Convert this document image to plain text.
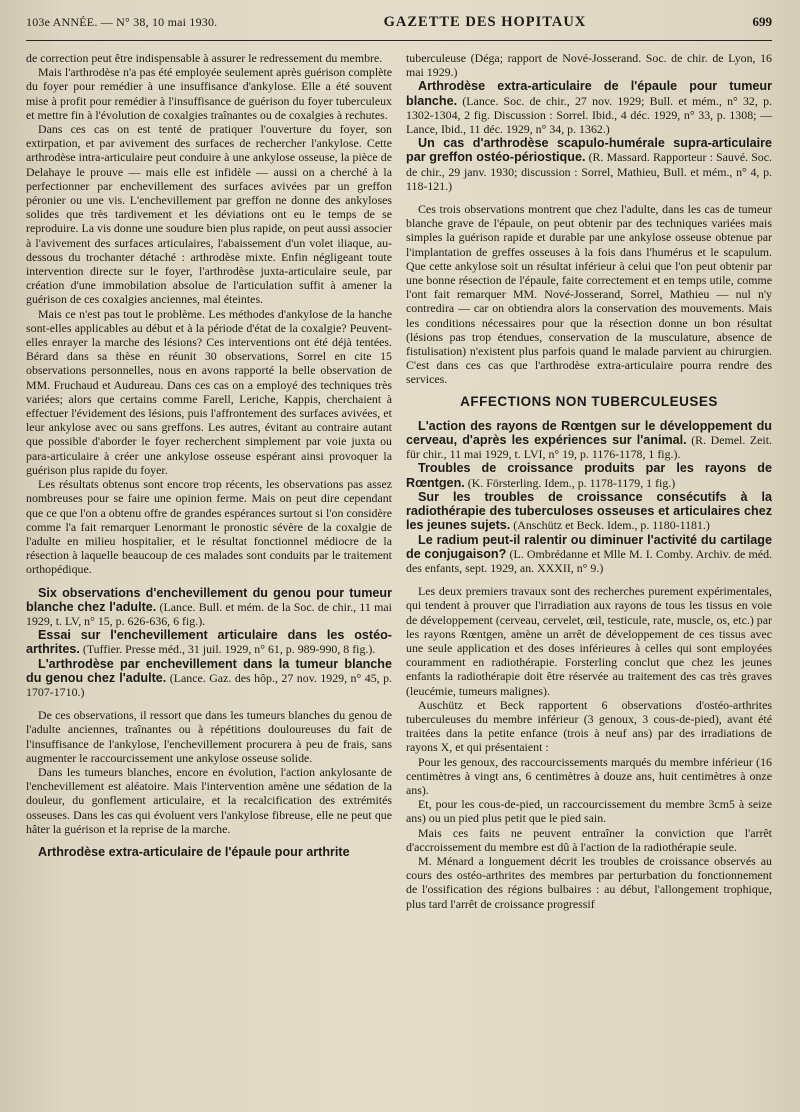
103e ANNÉE. — N° 38, 10 mai 1930.	GAZETTE DES HOPITAUX	699

de correction peut être indispensable à assurer le redressement du membre.

Mais l'arthrodèse n'a pas été employée seulement après guérison complète du foyer pour remédier à une insuffisance d'ankylose. Elle a été souvent mise à profit pour remédier à l'insuffisance de guérison du foyer tuberculeux et mettre fin à l'évolution de coxalgies traînantes ou de coxalgies à rechutes.

Dans ces cas on est tenté de pratiquer l'ouverture du foyer, son extirpation, et par avivement des surfaces de rechercher l'ankylose. Cette arthrodèse intra-articulaire peut conduire à une ankylose osseuse, la pièce de Delahaye le prouve — mais elle est infidèle — aussi on a cherché à la perfectionner par enchevillement des surfaces avivées par un greffon péronier ou une vis. L'enchevillement par greffon ne donne des ankyloses solides que très tardivement et les déviations ont eu le temps de se reproduire. La vis donne une soudure bien plus rapide, on peut aussi associer à l'avivement des surfaces articulaires, l'abaissement d'un volet iliaque, au-dessous du trochanter détaché : arthrodèse mixte. Enfin négligeant toute intervention directe sur le foyer, l'arthrodèse juxta-articulaire seule, par création d'une immobilation absolue de l'articulation suffit à amener la guérison de ces coxalgies anciennes, mal éteintes.

Mais ce n'est pas tout le problème. Les méthodes d'ankylose de la hanche sont-elles applicables au début et à la période d'état de la coxalgie? Peuvent-elles enrayer la marche des lésions? Ces interventions ont été déjà tentées. Bérard dans sa thèse en réunit 30 observations, Sorrel en cite 15 observations personnelles, nous en avons rapporté la belle observation de MM. Fruchaud et Audureau. Dans ces cas on a employé des techniques très variées; alors que certains comme Farell, Leriche, Kappis, cherchaient à effectuer l'évidement des lésions, puis l'affrontement des surfaces avivées, et leur ankylose avec ou sans greffons. Les autres, évitant au contraire autant que possible d'aborder le foyer recherchent simplement par voie juxta ou para-articulaire à créer une ankylose osseuse espérant ainsi provoquer la guérison plus rapide du foyer.

Les résultats obtenus sont encore trop récents, les observations pas assez nombreuses pour se faire une opinion ferme. Mais on peut dire cependant que ce que l'on a obtenu offre de grandes espérances surtout si l'on considère comme l'a fait remarquer Lenormant le pronostic sévère de la coxalgie de l'adulte en milieu hospitalier, et le résultat fonctionnel médiocre de la résection à laquelle beaucoup de ces malades sont conduits par le traitement orthopédique.

Six observations d'enchevillement du genou pour tumeur blanche chez l'adulte. (Lance. Bull. et mém. de la Soc. de chir., 11 mai 1929, t. LV, n° 15, p. 626-636, 6 fig.).

Essai sur l'enchevillement articulaire dans les ostéo-arthrites. (Tuffier. Presse méd., 31 juil. 1929, n° 61, p. 989-990, 8 fig.).

L'arthrodèse par enchevillement dans la tumeur blanche du genou chez l'adulte. (Lance. Gaz. des hôp., 27 nov. 1929, n° 45, p. 1707-1710.)

De ces observations, il ressort que dans les tumeurs blanches du genou de l'adulte anciennes, traînantes ou à répétitions douloureuses du fait de l'insuffisance de l'ankylose, l'enchevillement procurera à peu de frais, sans augmenter le raccourcissement une ankylose osseuse solide.

Dans les tumeurs blanches, encore en évolution, l'action ankylosante de l'enchevillement est aléatoire. Mais l'intervention amène une sédation de la douleur, du gonflement articulaire, et la recalcification des extrémités osseuses. Dans les cas qui évoluent vers l'ankylose fibreuse, elle ne peut que hâter la guérison et la reprise de la marche.

Arthrodèse extra-articulaire de l'épaule pour arthrite

tuberculeuse (Déga; rapport de Nové-Josserand. Soc. de chir. de Lyon, 16 mai 1929.)

Arthrodèse extra-articulaire de l'épaule pour tumeur blanche. (Lance. Soc. de chir., 27 nov. 1929; Bull. et mém., n° 32, p. 1302-1304, 2 fig. Discussion : Sorrel. Ibid., 4 déc. 1929, n° 33, p. 1308; — Lance, Ibid., 11 déc. 1929, n° 34, p. 1362.)

Un cas d'arthrodèse scapulo-humérale supra-articulaire par greffon ostéo-périostique. (R. Massard. Rapporteur : Sauvé. Soc. de chir., 29 janv. 1930; discussion : Sorrel, Mathieu, Bull. et mém., n° 4, p. 118-121.)

Ces trois observations montrent que chez l'adulte, dans les cas de tumeur blanche grave de l'épaule, on peut obtenir par des techniques variées mais simples la guérison rapide et durable par une ankylose osseuse obtenue par l'implantation de greffes osseuses à la fois dans l'humérus et le scapulum. Que cette ankylose soit un résultat inférieur à celui que l'on peut obtenir par une bonne résection de l'épaule, faite correctement et en temps utile, comme l'ont fait remarquer MM. Nové-Josserand, Sorrel, Mathieu — nul n'y contredira — car on obtiendra alors la conservation des mouvements. Mais les conditions nécessaires pour que la résection donne un bon résultat (lésions pas trop étendues, conservation de la musculature, absence de fistulisation) n'existent plus parfois quand le malade parvient au chirurgien. C'est dans ces cas que l'arthrodèse extra-articulaire pourra rendre des services.

AFFECTIONS NON TUBERCULEUSES

L'action des rayons de Rœntgen sur le développement du cerveau, d'après les expériences sur l'animal. (R. Demel. Zeit. für chir., 11 mai 1929, t. LVI, n° 19, p. 1176-1178, 1 fig.).

Troubles de croissance produits par les rayons de Rœntgen. (K. Försterling. Idem., p. 1178-1179, 1 fig.)

Sur les troubles de croissance consécutifs à la radiothérapie des tuberculoses osseuses et articulaires chez les jeunes sujets. (Anschütz et Beck. Idem., p. 1180-1181.)

Le radium peut-il ralentir ou diminuer l'activité du cartilage de conjugaison? (L. Ombrédanne et Mlle M. I. Comby. Archiv. de méd. des enfants, sept. 1929, an. XXXII, n° 9.)

Les deux premiers travaux sont des recherches purement expérimentales, qui tendent à prouver que l'irradiation aux rayons de tous les tissus en voie de développement (cerveau, cervelet, œil, testicule, rate, muscle, os, etc.) par les rayons Rœntgen, amène un arrêt de développement de ces tissus avec une seule application et des doses inférieures à celles qui sont employées couramment en radiothérapie. Forsterling conclut que chez les jeunes enfants la radiothérapie doit être réservée au traitement des cas très graves (leucémie, tumeurs malignes).

Auschütz et Beck rapportent 6 observations d'ostéo-arthrites tuberculeuses du membre inférieur (3 genoux, 3 cous-de-pied), avant été traitées dans la petite enfance (trois à neuf ans) par des irradiations de rayons X, et qui présentaient :

Pour les genoux, des raccourcissements marqués du membre inférieur (16 centimètres à vingt ans, 6 centimètres à douze ans, huit centimètres à onze ans).

Et, pour les cous-de-pied, un raccourcissement du membre 3cm5 à seize ans) ou un pied plus petit que le pied sain.

Mais ces faits ne peuvent entraîner la conviction que l'arrêt d'accroissement du membre est dû à l'action de la radiothérapie seule.

M. Ménard a longuement décrit les troubles de croissance observés au cours des ostéo-arthrites des membres par perturbation du fonctionnement de l'ossification des régions bulbaires : au début, l'allongement trophique, plus tard l'arrêt de croissance progressif
